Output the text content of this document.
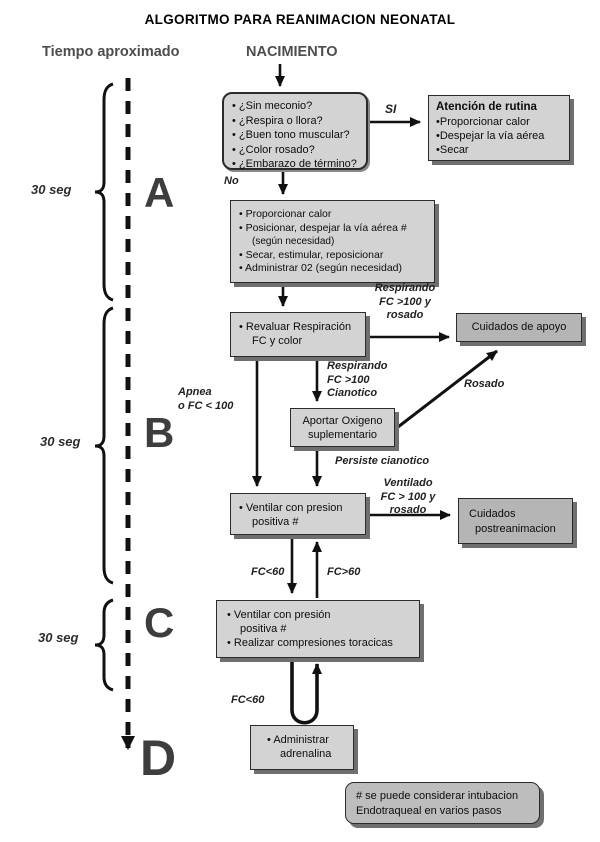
ALGORITMO PARA REANIMACION NEONATAL
Tiempo aproximado	NACIMIENTO
A
B
C
D
30 seg
30 seg
30 seg
• ¿Sin meconio?
• ¿Respira o llora?
• ¿Buen tono muscular?
• ¿Color rosado?
• ¿Embarazo de término?
Atención de rutina
• Proporcionar calor
• Despejar la vía aérea
• Secar
• Proporcionar calor
• Posicionar, despejar la vía aérea #
(según necesidad)
• Secar, estimular, reposicionar
• Administrar 02 (según necesidad)
• Revaluar Respiración
FC y color
Cuidados de apoyo
Aportar Oxigeno
suplementario
• Ventilar con presion
positiva #
Cuidados
postreanimacion
• Ventilar con presión
positiva #
• Realizar compresiones toracicas
• Administrar
adrenalina
# se puede considerar intubacion
Endotraqueal en varios pasos
SI
No
Respirando
FC >100 y
rosado
Respirando
FC >100
Cianotico
Rosado
Apnea
o FC < 100
Persiste cianotico
Ventilado
FC > 100 y
rosado
FC<60	FC>60
FC<60
